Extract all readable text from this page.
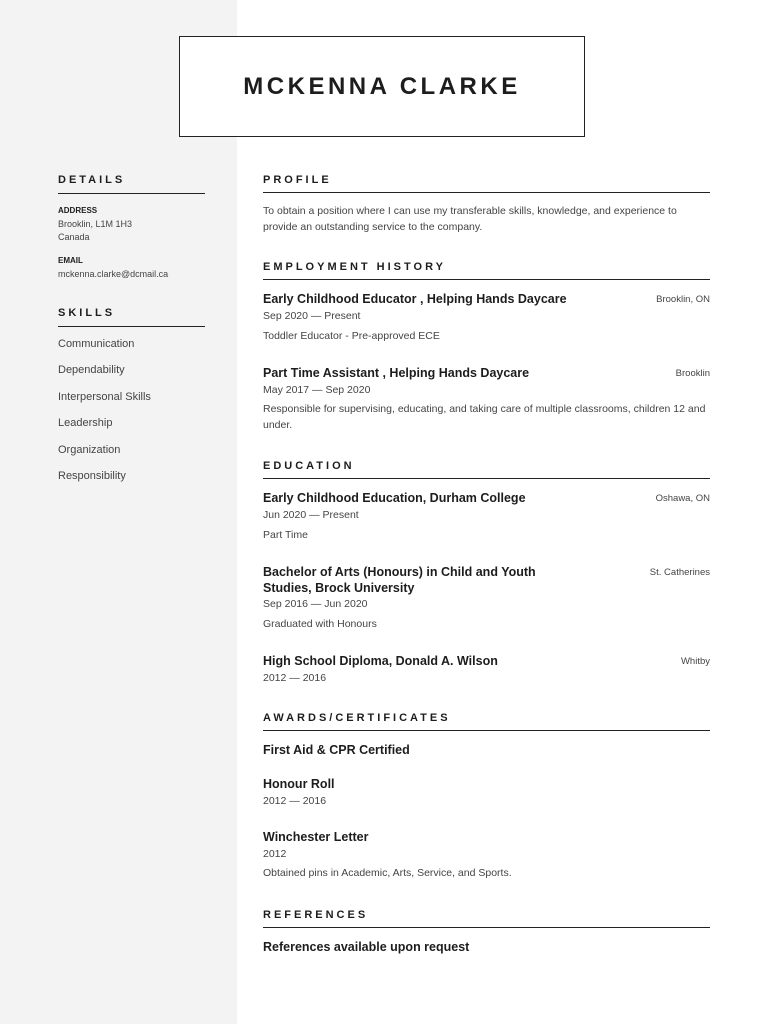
MCKENNA CLARKE
DETAILS
ADDRESS
Brooklin, L1M 1H3
Canada
EMAIL
mckenna.clarke@dcmail.ca
SKILLS
Communication
Dependability
Interpersonal Skills
Leadership
Organization
Responsibility
PROFILE
To obtain a position where I can use my transferable skills, knowledge, and experience to provide an outstanding service to the company.
EMPLOYMENT HISTORY
Early Childhood Educator , Helping Hands Daycare	Brooklin, ON
Sep 2020 — Present
Toddler Educator - Pre-approved ECE
Part Time Assistant , Helping Hands Daycare	Brooklin
May 2017 — Sep 2020
Responsible for supervising, educating, and taking care of multiple classrooms, children 12 and under.
EDUCATION
Early Childhood Education, Durham College	Oshawa, ON
Jun 2020 — Present
Part Time
Bachelor of Arts (Honours) in Child and Youth Studies, Brock University
St. Catherines
Sep 2016 — Jun 2020
Graduated with Honours
High School Diploma, Donald A. Wilson	Whitby
2012 — 2016
AWARDS/CERTIFICATES
First Aid & CPR Certified
Honour Roll
2012 — 2016
Winchester Letter
2012
Obtained pins in Academic, Arts, Service, and Sports.
REFERENCES
References available upon request
